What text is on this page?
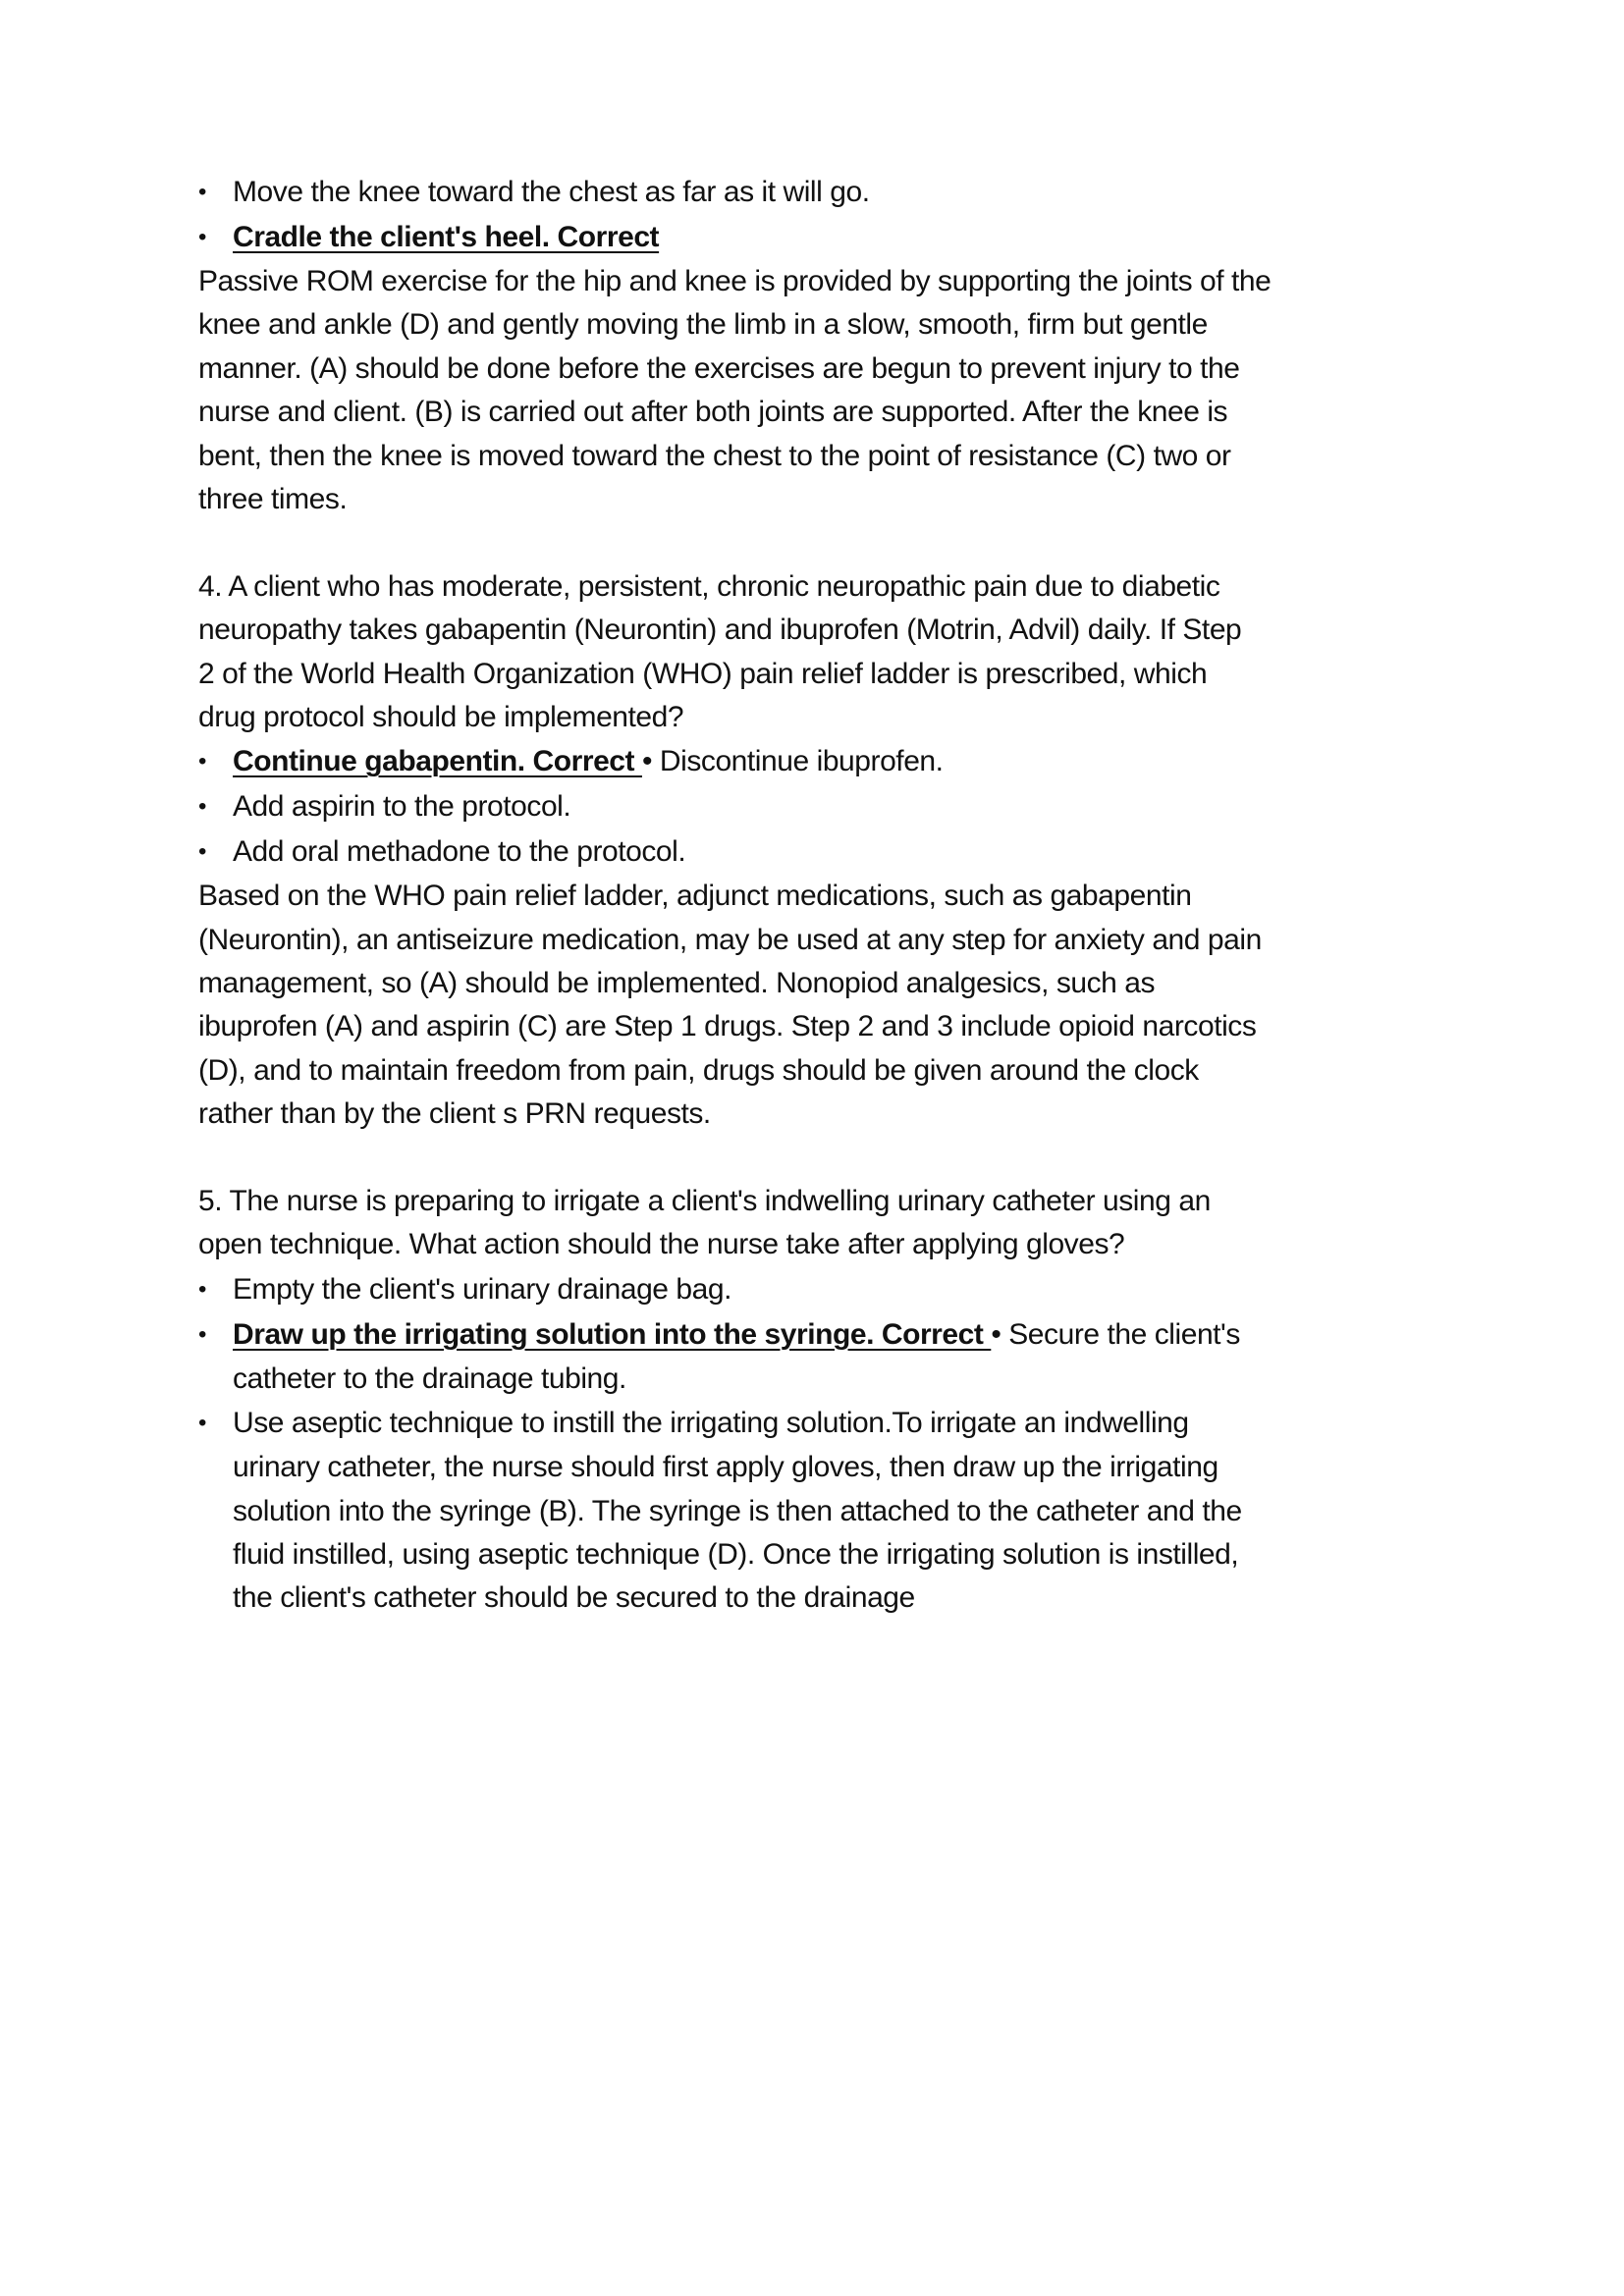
• Move the knee toward the chest as far as it will go.
• Cradle the client's heel. Correct
Passive ROM exercise for the hip and knee is provided by supporting the joints of the
knee and ankle (D) and gently moving the limb in a slow, smooth, firm but gentle
manner. (A) should be done before the exercises are begun to prevent injury to the
nurse and client. (B) is carried out after both joints are supported. After the knee is
bent, then the knee is moved toward the chest to the point of resistance (C) two or
three times.
4. A client who has moderate, persistent, chronic neuropathic pain due to diabetic
neuropathy takes gabapentin (Neurontin) and ibuprofen (Motrin, Advil) daily. If Step
2 of the World Health Organization (WHO) pain relief ladder is prescribed, which
drug protocol should be implemented?
• Continue gabapentin. Correct • Discontinue ibuprofen.
• Add aspirin to the protocol.
• Add oral methadone to the protocol.
Based on the WHO pain relief ladder, adjunct medications, such as gabapentin
(Neurontin), an antiseizure medication, may be used at any step for anxiety and pain
management, so (A) should be implemented. Nonopiod analgesics, such as
ibuprofen (A) and aspirin (C) are Step 1 drugs. Step 2 and 3 include opioid narcotics
(D), and to maintain freedom from pain, drugs should be given around the clock
rather than by the client s PRN requests.
5. The nurse is preparing to irrigate a client's indwelling urinary catheter using an
open technique. What action should the nurse take after applying gloves?
• Empty the client's urinary drainage bag.
• Draw up the irrigating solution into the syringe. Correct • Secure the client's
catheter to the drainage tubing.
• Use aseptic technique to instill the irrigating solution.To irrigate an indwelling
urinary catheter, the nurse should first apply gloves, then draw up the irrigating
solution into the syringe (B). The syringe is then attached to the catheter and the
fluid instilled, using aseptic technique (D). Once the irrigating solution is instilled,
the client's catheter should be secured to the drainage
